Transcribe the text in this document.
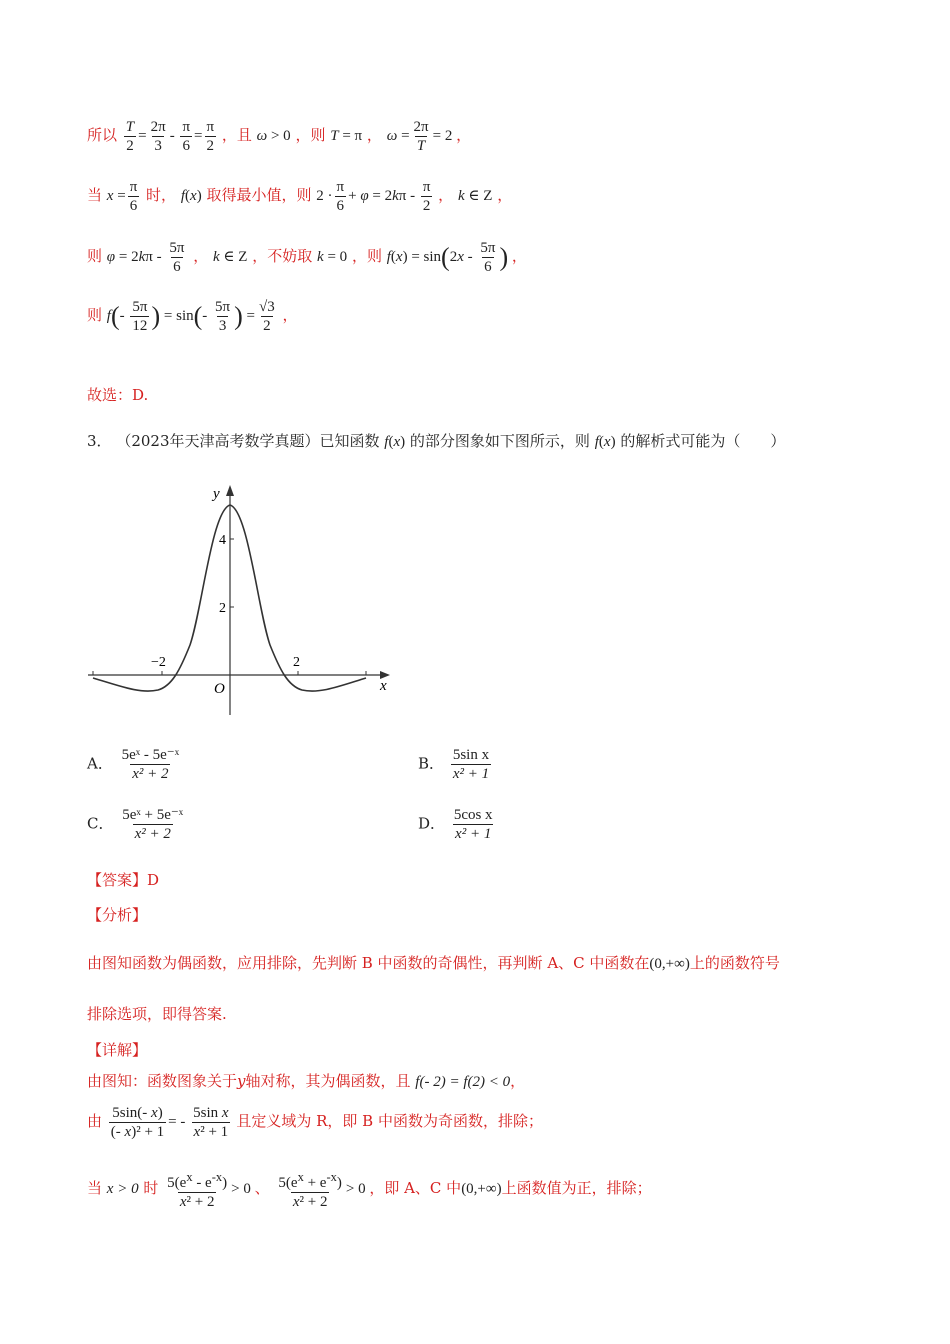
所以 $\frac{T}{2} = \frac{2\pi}{3} - \frac{\pi}{6} = \frac{\pi}{2}$ ，且 ω > 0 ，则 T = π ， $\omega = \frac{2\pi}{T} = 2$ ，
当 $x = \frac{\pi}{6}$ 时， f(x) 取得最小值，则 $2 \cdot \frac{\pi}{6} + \varphi = 2k\pi - \frac{\pi}{2}$ ， k ∈ Z ，
则 $\varphi = 2k\pi - \frac{5\pi}{6}$ ， k ∈ Z ，不妨取 k = 0 ，则 $f(x) = \sin(2x - \frac{5\pi}{6}$ ) ，
则 $f(- \frac{5\pi}{12}$ ) = $\sin(- \frac{5\pi}{3}$ ) = $\frac{√3}{2}$ ，
故选：D.
3． （2023年天津高考数学真题）已知函数 f(x) 的部分图象如下图所示，则 f(x) 的解析式可能为（　　）
y
x
O
2
4
−2	2
A． $\frac{\text{5eˣ - 5e⁻ˣ}}{\text{x² + 2}}$	B． $\frac{\text{5sin x}}{\text{x² + 1}}$
C． $\frac{\text{5eˣ + 5e⁻ˣ}}{\text{x² + 2}}$	D． $\frac{\text{5cos x}}{\text{x² + 1}}$
【答案】D
【分析】
由图知函数为偶函数，应用排除，先判断 B 中函数的奇偶性，再判断 A、C 中函数在(0,+∞)上的函数符号
排除选项，即得答案.
【详解】
由图知：函数图象关于y轴对称，其为偶函数，且 f(- 2) = f(2) < 0，
由 $\frac{5\sin(- x)}{\text{(- x)² + 1}}$ = - $\frac{\text{5sin x}}{\text{x² + 1}}$ 且定义域为 R，即 B 中函数为奇函数，排除；
当 x > 0 时 $\frac{5(e^x - e^{-x})}{\text{x² + 2}} > 0$ 、 $\frac{5(e^x + e^{-x})}{\text{x² + 2}} > 0$ ，即 A、C 中(0,+∞)上函数值为正，排除；
